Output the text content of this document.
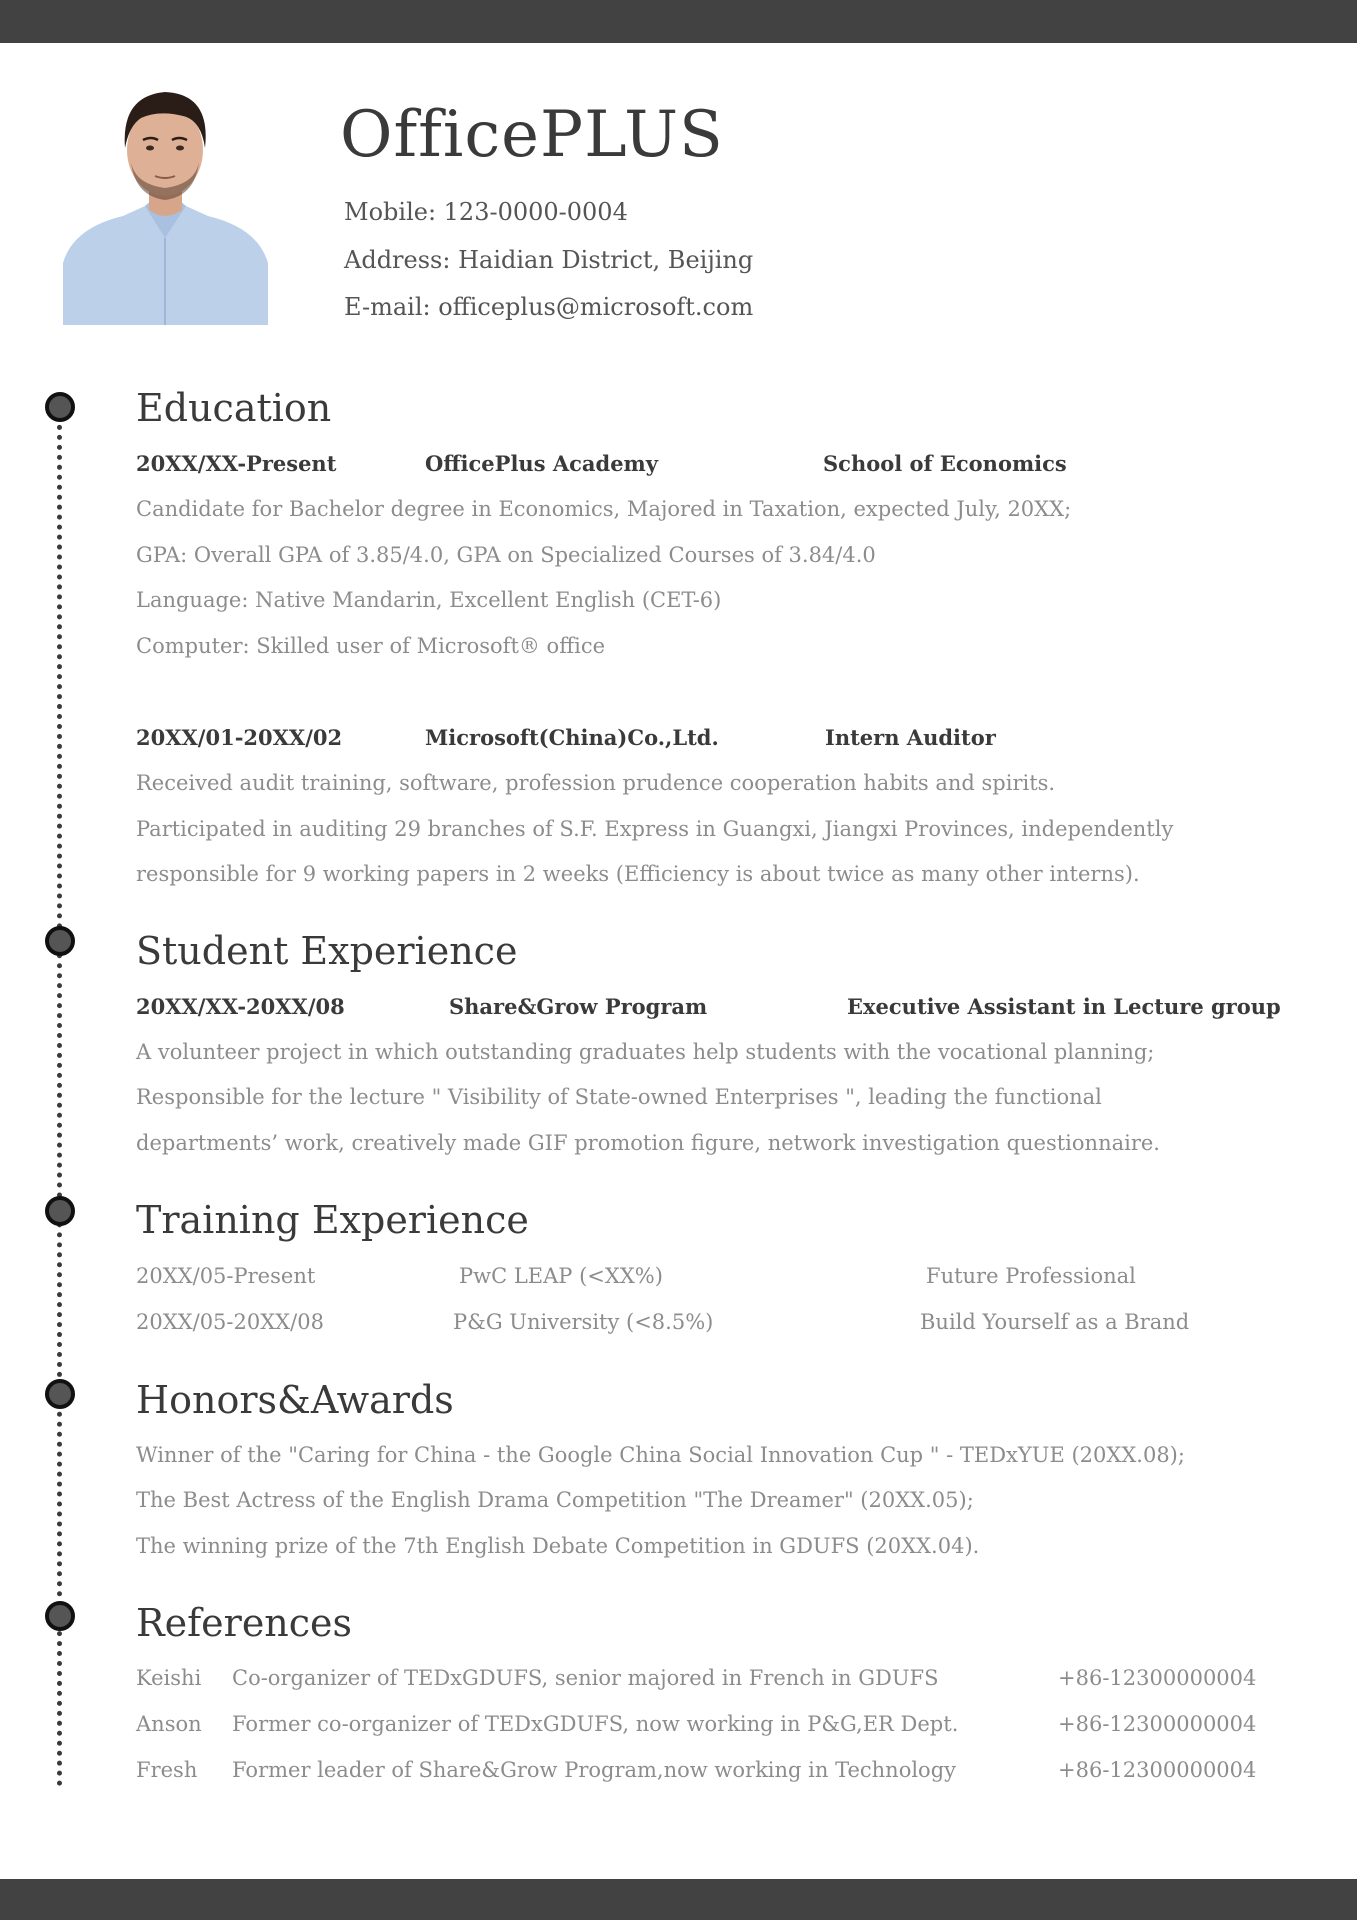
OfficePLUS
Mobile: 123-0000-0004
Address: Haidian District, Beijing
E-mail: officeplus@microsoft.com
Education
20XX/XX-Present	OfficePlus Academy	School of Economics
Candidate for Bachelor degree in Economics, Majored in Taxation, expected July, 20XX;
GPA: Overall GPA of 3.85/4.0, GPA on Specialized Courses of 3.84/4.0
Language: Native Mandarin, Excellent English (CET-6)
Computer: Skilled user of Microsoft® office
20XX/01-20XX/02	Microsoft(China)Co.,Ltd.	Intern Auditor
Received audit training, software, profession prudence cooperation habits and spirits.
Participated in auditing 29 branches of S.F. Express in Guangxi, Jiangxi Provinces, independently
responsible for 9 working papers in 2 weeks (Efficiency is about twice as many other interns).
Student Experience
20XX/XX-20XX/08	Share&Grow Program	Executive Assistant in Lecture group
A volunteer project in which outstanding graduates help students with the vocational planning;
Responsible for the lecture " Visibility of State-owned Enterprises ", leading the functional
departments’ work, creatively made GIF promotion figure, network investigation questionnaire.
Training Experience
20XX/05-Present	PwC LEAP (<XX%)	Future Professional
20XX/05-20XX/08	P&G University (<8.5%)	Build Yourself as a Brand
Honors&Awards
Winner of the "Caring for China - the Google China Social Innovation Cup " - TEDxYUE (20XX.08);
The Best Actress of the English Drama Competition "The Dreamer" (20XX.05);
The winning prize of the 7th English Debate Competition in GDUFS (20XX.04).
References
Keishi Co-organizer of TEDxGDUFS, senior majored in French in GDUFS	+86-12300000004
Anson Former co-organizer of TEDxGDUFS, now working in P&G,ER Dept.	+86-12300000004
Fresh Former leader of Share&Grow Program,now working in Technology	+86-12300000004
